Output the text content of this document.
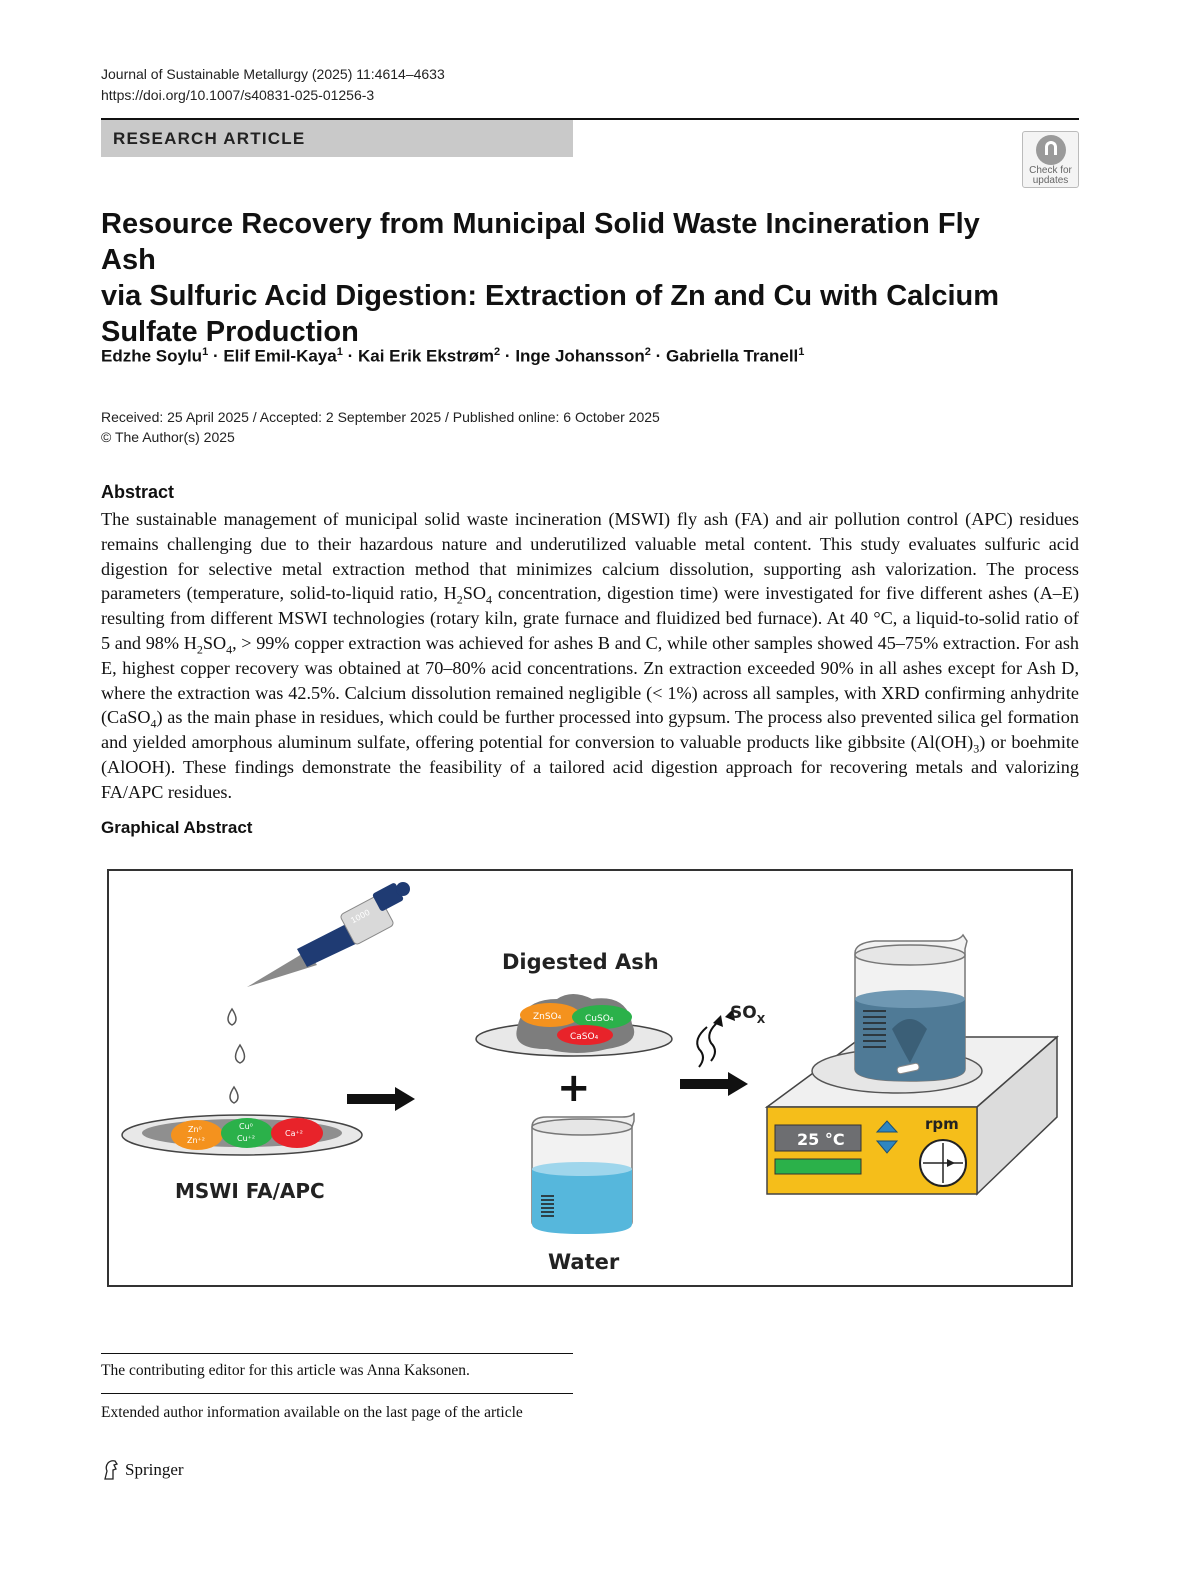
Journal of Sustainable Metallurgy (2025) 11:4614–4633
https://doi.org/10.1007/s40831-025-01256-3
RESEARCH ARTICLE
Check for updates
Resource Recovery from Municipal Solid Waste Incineration Fly Ash
via Sulfuric Acid Digestion: Extraction of Zn and Cu with Calcium
Sulfate Production
Edzhe Soylu$^1$ · Elif Emil-Kaya$^1$ · Kai Erik Ekstrøm$^2$ · Inge Johansson$^2$ · Gabriella Tranell$^1$
Received: 25 April 2025 / Accepted: 2 September 2025 / Published online: 6 October 2025
© The Author(s) 2025
Abstract
The sustainable management of municipal solid waste incineration (MSWI) fly ash (FA) and air pollution control (APC) residues remains challenging due to their hazardous nature and underutilized valuable metal content. This study evaluates sulfuric acid digestion for selective metal extraction method that minimizes calcium dissolution, supporting ash valorization. The process parameters (temperature, solid-to-liquid ratio, $H_2SO_4$ concentration, digestion time) were investigated for five different ashes (A–E) resulting from different MSWI technologies (rotary kiln, grate furnace and fluidized bed furnace). At 40 °C, a liquid-to-solid ratio of 5 and 98% $H_2SO_4$, > 99% copper extraction was achieved for ashes B and C, while other samples showed 45–75% extraction. For ash E, highest copper recovery was obtained at 70–80% acid concentrations. Zn extraction exceeded 90% in all ashes except for Ash D, where the extraction was 42.5%. Calcium dissolution remained negligible (< 1%) across all samples, with XRD confirming anhydrite (CaSO$_4$) as the main phase in residues, which could be further processed into gypsum. The process also prevented silica gel formation and yielded amorphous aluminum sulfate, offering potential for conversion to valuable products like gibbsite $(Al(OH)_3)$ or boehmite (AlOOH). These findings demonstrate the feasibility of a tailored acid digestion approach for recovering metals and valorizing FA/APC residues.
Graphical Abstract
1000
Zn⁰
Zn⁺²
Cu⁰
Cu⁺²
Ca⁺²
MSWI FA/APC
Digested Ash
ZnSO₄	CuSO₄
CaSO₄
+
Water
$SO_X$
25 °C
rpm
The contributing editor for this article was Anna Kaksonen.
Extended author information available on the last page of the article
Springer
